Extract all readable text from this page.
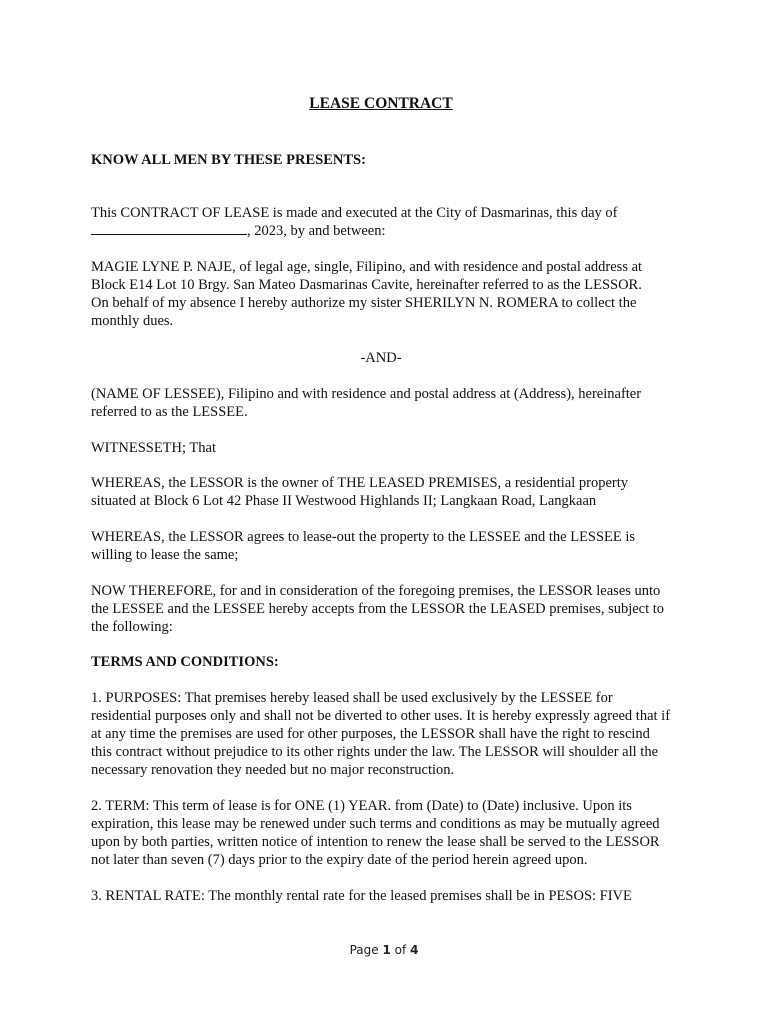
LEASE CONTRACT

KNOW ALL MEN BY THESE PRESENTS:

This CONTRACT OF LEASE is made and executed at the City of Dasmarinas, this day of

, 2023, by and between:

MAGIE LYNE P. NAJE, of legal age, single, Filipino, and with residence and postal address at Block E14 Lot 10 Brgy. San Mateo Dasmarinas Cavite, hereinafter referred to as the LESSOR.

On behalf of my absence I hereby authorize my sister SHERILYN N. ROMERA to collect the monthly dues.

-AND-

(NAME OF LESSEE), Filipino and with residence and postal address at (Address), hereinafter referred to as the LESSEE.

WITNESSETH; That

WHEREAS, the LESSOR is the owner of THE LEASED PREMISES, a residential property situated at Block 6 Lot 42 Phase II Westwood Highlands II; Langkaan Road, Langkaan

WHEREAS, the LESSOR agrees to lease-out the property to the LESSEE and the LESSEE is willing to lease the same;

NOW THEREFORE, for and in consideration of the foregoing premises, the LESSOR leases unto the LESSEE and the LESSEE hereby accepts from the LESSOR the LEASED premises, subject to the following:

TERMS AND CONDITIONS:

1. PURPOSES: That premises hereby leased shall be used exclusively by the LESSEE for residential purposes only and shall not be diverted to other uses. It is hereby expressly agreed that if at any time the premises are used for other purposes, the LESSOR shall have the right to rescind this contract without prejudice to its other rights under the law. The LESSOR will shoulder all the necessary renovation they needed but no major reconstruction.

2. TERM: This term of lease is for ONE (1) YEAR. from (Date) to (Date) inclusive. Upon its expiration, this lease may be renewed under such terms and conditions as may be mutually agreed upon by both parties, written notice of intention to renew the lease shall be served to the LESSOR not later than seven (7) days prior to the expiry date of the period herein agreed upon.

3. RENTAL RATE: The monthly rental rate for the leased premises shall be in PESOS: FIVE

Page 1 of 4
